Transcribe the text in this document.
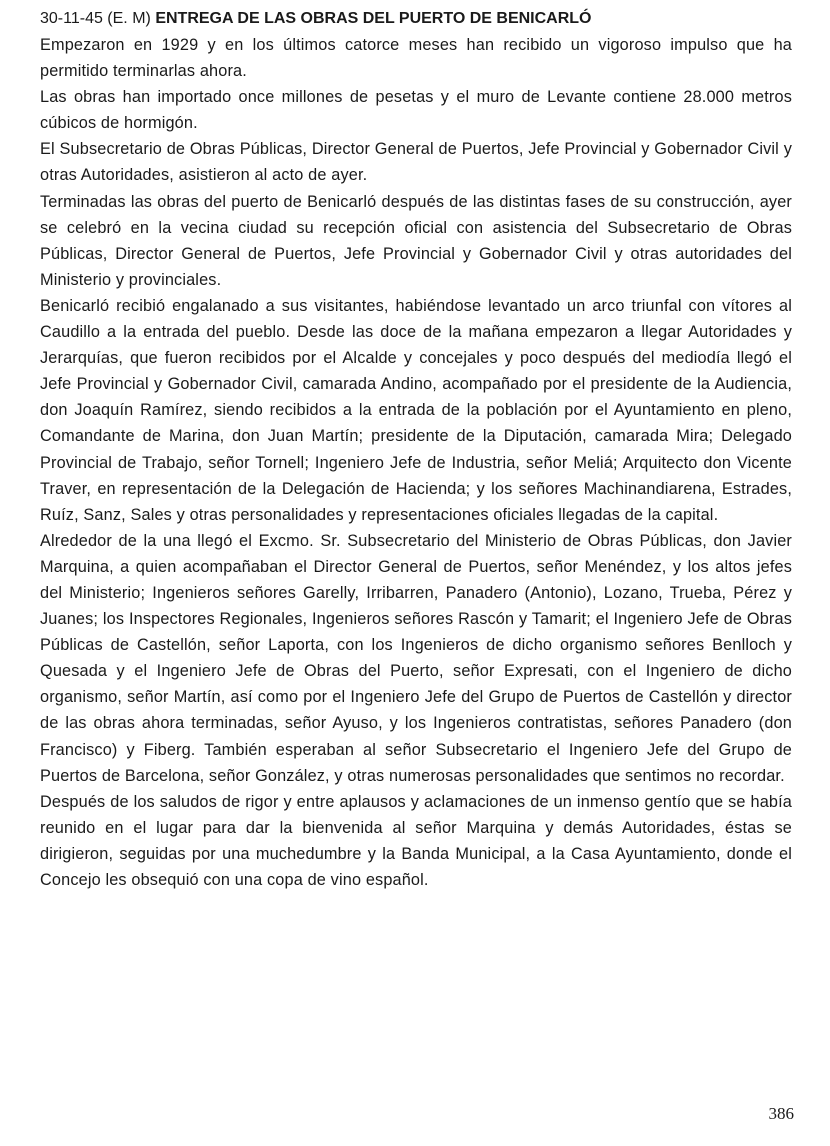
30-11-45 (E. M) ENTREGA DE LAS OBRAS DEL PUERTO DE BENICARLÓ

Empezaron en 1929 y en los últimos catorce meses han recibido un vigoroso impulso que ha permitido terminarlas ahora.

Las obras han importado once millones de pesetas y el muro de Levante contiene 28.000 metros cúbicos de hormigón.

El Subsecretario de Obras Públicas, Director General de Puertos, Jefe Provincial y Gobernador Civil y otras Autoridades, asistieron al acto de ayer.

Terminadas las obras del puerto de Benicarló después de las distintas fases de su construcción, ayer se celebró en la vecina ciudad su recepción oficial con asistencia del Subsecretario de Obras Públicas, Director General de Puertos, Jefe Provincial y Gobernador Civil y otras autoridades del Ministerio y provinciales.

Benicarló recibió engalanado a sus visitantes, habiéndose levantado un arco triunfal con vítores al Caudillo a la entrada del pueblo. Desde las doce de la mañana empezaron a llegar Autoridades y Jerarquías, que fueron recibidos por el Alcalde y concejales y poco después del mediodía llegó el Jefe Provincial y Gobernador Civil, camarada Andino, acompañado por el presidente de la Audiencia, don Joaquín Ramírez, siendo recibidos a la entrada de la población por el Ayuntamiento en pleno, Comandante de Marina, don Juan Martín; presidente de la Diputación, camarada Mira; Delegado Provincial de Trabajo, señor Tornell; Ingeniero Jefe de Industria, señor Meliá; Arquitecto don Vicente Traver, en representación de la Delegación de Hacienda; y los señores Machinandiarena, Estrades, Ruíz, Sanz, Sales y otras personalidades y representaciones oficiales llegadas de la capital.

Alrededor de la una llegó el Excmo. Sr. Subsecretario del Ministerio de Obras Públicas, don Javier Marquina, a quien acompañaban el Director General de Puertos, señor Menéndez, y los altos jefes del Ministerio; Ingenieros señores Garelly, Irribarren, Panadero (Antonio), Lozano, Trueba, Pérez y Juanes; los Inspectores Regionales, Ingenieros señores Rascón y Tamarit; el Ingeniero Jefe de Obras Públicas de Castellón, señor Laporta, con los Ingenieros de dicho organismo señores Benlloch y Quesada y el Ingeniero Jefe de Obras del Puerto, señor Expresati, con el Ingeniero de dicho organismo, señor Martín, así como por el Ingeniero Jefe del Grupo de Puertos de Castellón y director de las obras ahora terminadas, señor Ayuso, y los Ingenieros contratistas, señores Panadero (don Francisco) y Fiberg. También esperaban al señor Subsecretario el Ingeniero Jefe del Grupo de Puertos de Barcelona, señor González, y otras numerosas personalidades que sentimos no recordar.

Después de los saludos de rigor y entre aplausos y aclamaciones de un inmenso gentío que se había reunido en el lugar para dar la bienvenida al señor Marquina y demás Autoridades, éstas se dirigieron, seguidas por una muchedumbre y la Banda Municipal, a la Casa Ayuntamiento, donde el Concejo les obsequió con una copa de vino español.

386
